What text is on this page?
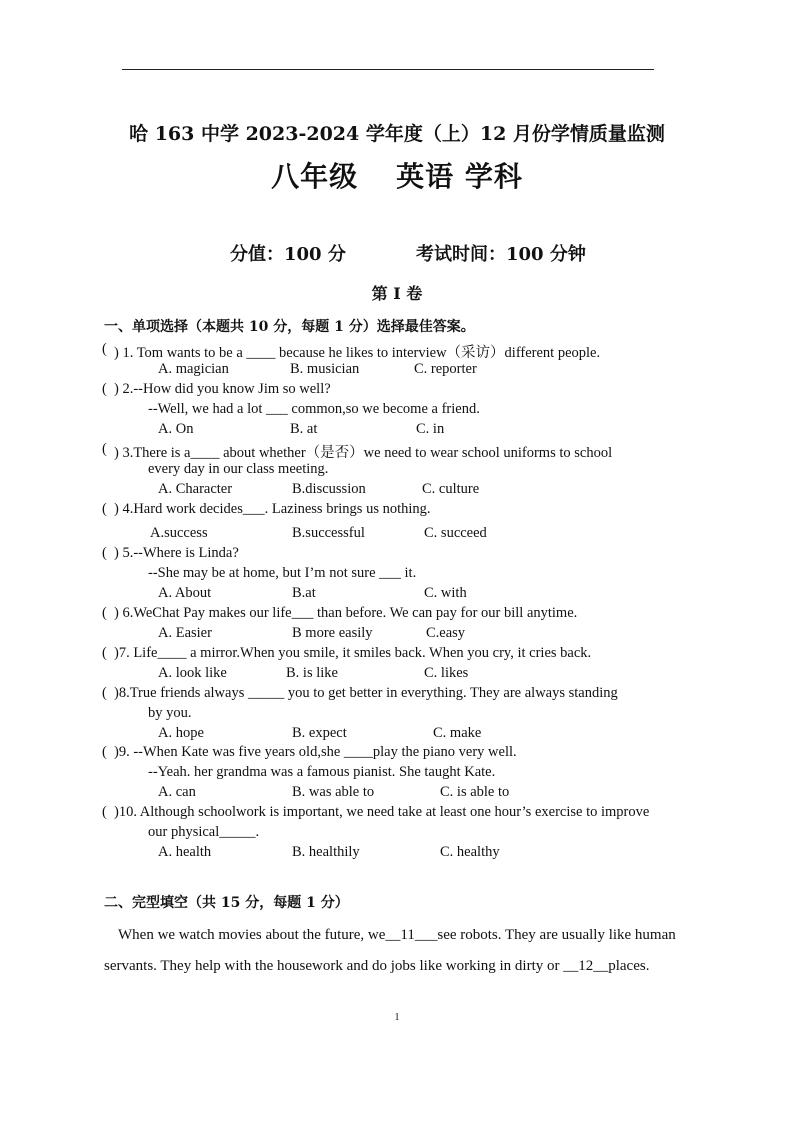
哈 163 中学 2023-2024 学年度（上）12 月份学情质量监测
八年级 英语 学科
分值：100 分	考试时间：100 分钟
第 I 卷
一、单项选择（本题共 10 分，每题 1 分）选择最佳答案。
( ) 1. Tom wants to be a ____ because he likes to interview（采访）different people.
A. magician	B. musician	C. reporter
( ) 2.--How did you know Jim so well?
--Well, we had a lot ___ common,so we become a friend.
A. On	B. at	C. in
( ) 3.There is a____ about whether（是否）we need to wear school uniforms to school
every day in our class meeting.
A. Character	B.discussion	C. culture
( ) 4.Hard work decides___. Laziness brings us nothing.
A.success	B.successful	C. succeed
( ) 5.--Where is Linda?
--She may be at home, but I’m not sure ___ it.
A. About	B.at	C. with
( ) 6.WeChat Pay makes our life___ than before. We can pay for our bill anytime.
A. Easier	B more easily	C.easy
( )7. Life____ a mirror.When you smile, it smiles back. When you cry, it cries back.
A. look like	B. is like	C. likes
( )8.True friends always _____ you to get better in everything. They are always standing
by you.
A. hope	B. expect	C. make
( )9. --When Kate was five years old,she ____play the piano very well.
--Yeah. her grandma was a famous pianist. She taught Kate.
A. can	B. was able to	C. is able to
( )10. Although schoolwork is important, we need take at least one hour’s exercise to improve
our physical_____.
A. health	B. healthily	C. healthy
二、完型填空（共 15 分，每题 1 分）
When we watch movies about the future, we__11___see robots. They are usually like human
servants. They help with the housework and do jobs like working in dirty or __12__places.
1
